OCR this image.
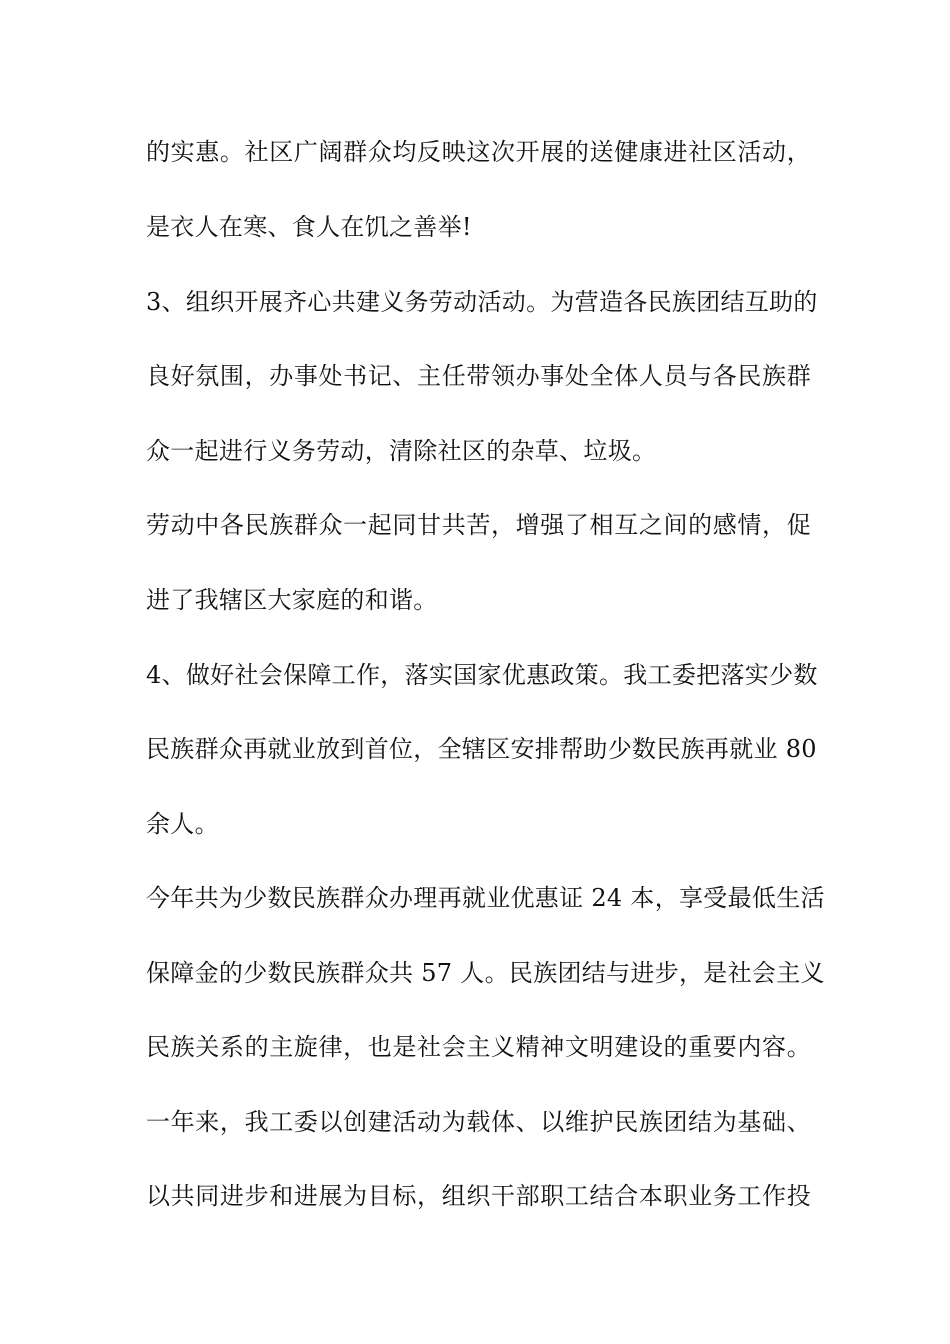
的实惠。社区广阔群众均反映这次开展的送健康进社区活动，
是衣人在寒、食人在饥之善举!
3、组织开展齐心共建义务劳动活动。为营造各民族团结互助的
良好氛围，办事处书记、主任带领办事处全体人员与各民族群
众一起进行义务劳动，清除社区的杂草、垃圾。
劳动中各民族群众一起同甘共苦，增强了相互之间的感情，促
进了我辖区大家庭的和谐。
4、做好社会保障工作，落实国家优惠政策。我工委把落实少数
民族群众再就业放到首位，全辖区安排帮助少数民族再就业 80
余人。
今年共为少数民族群众办理再就业优惠证 24 本，享受最低生活
保障金的少数民族群众共 57 人。民族团结与进步，是社会主义
民族关系的主旋律，也是社会主义精神文明建设的重要内容。
一年来，我工委以创建活动为载体、以维护民族团结为基础、
以共同进步和进展为目标，组织干部职工结合本职业务工作投
